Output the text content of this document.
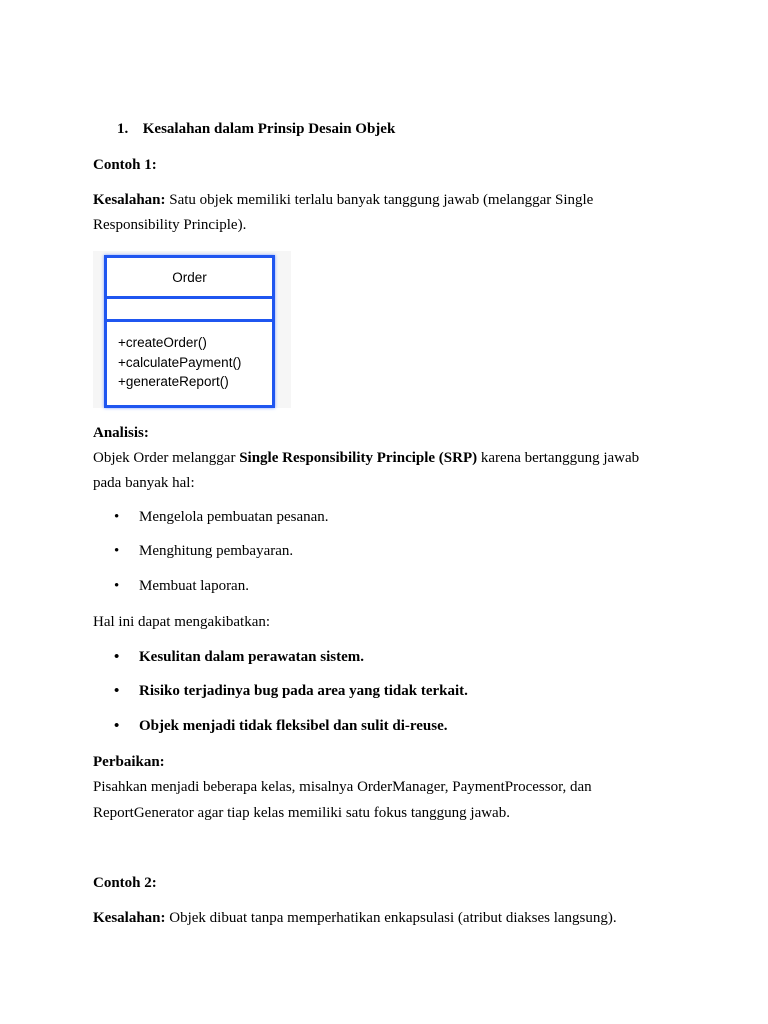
1. Kesalahan dalam Prinsip Desain Objek
Contoh 1:
Kesalahan: Satu objek memiliki terlalu banyak tanggung jawab (melanggar Single
Responsibility Principle).
Order
+createOrder()
+calculatePayment()
+generateReport()
Analisis:
Objek Order melanggar Single Responsibility Principle (SRP) karena bertanggung jawab
pada banyak hal:
• Mengelola pembuatan pesanan.
• Menghitung pembayaran.
• Membuat laporan.
Hal ini dapat mengakibatkan:
• Kesulitan dalam perawatan sistem.
• Risiko terjadinya bug pada area yang tidak terkait.
• Objek menjadi tidak fleksibel dan sulit di-reuse.
Perbaikan:
Pisahkan menjadi beberapa kelas, misalnya OrderManager, PaymentProcessor, dan
ReportGenerator agar tiap kelas memiliki satu fokus tanggung jawab.
Contoh 2:
Kesalahan: Objek dibuat tanpa memperhatikan enkapsulasi (atribut diakses langsung).
